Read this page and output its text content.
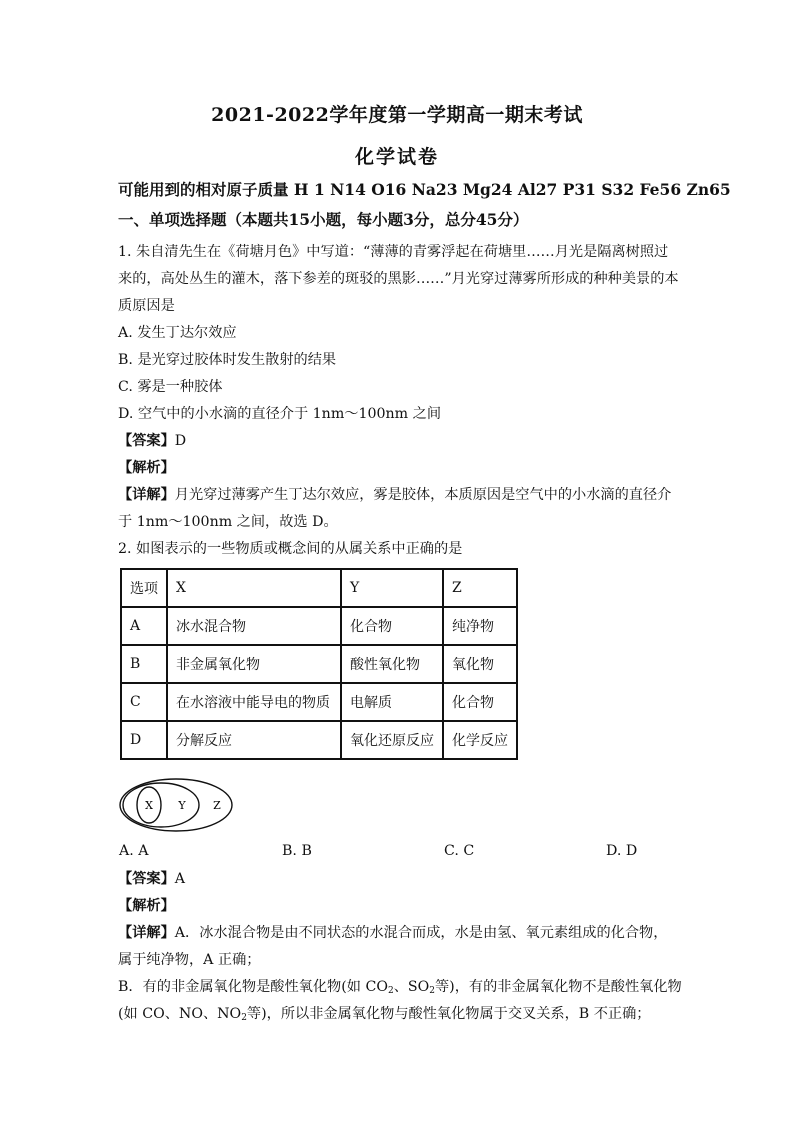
2021-2022学年度第一学期高一期末考试
化学试卷
可能用到的相对原子质量 H 1 N14 O16 Na23 Mg24 Al27 P31 S32 Fe56 Zn65
一、单项选择题（本题共15小题，每小题3分，总分45分）
1. 朱自清先生在《荷塘月色》中写道：“薄薄的青雾浮起在荷塘里……月光是隔离树照过
来的，高处丛生的灌木，落下参差的斑驳的黑影……”月光穿过薄雾所形成的种种美景的本
质原因是
A. 发生丁达尔效应
B. 是光穿过胶体时发生散射的结果
C. 雾是一种胶体
D. 空气中的小水滴的直径介于 1nm～100nm 之间
【答案】D
【解析】
【详解】月光穿过薄雾产生丁达尔效应，雾是胶体，本质原因是空气中的小水滴的直径介
于 1nm～100nm 之间，故选 D。
2. 如图表示的一些物质或概念间的从属关系中正确的是
选项	X	Y	Z
A	冰水混合物	化合物	纯净物
B	非金属氧化物	酸性氧化物	氧化物
C	在水溶液中能导电的物质	电解质	化合物
D	分解反应	氧化还原反应	化学反应
X Y	Z
A. A	B. B	C. C	D. D
【答案】A
【解析】
【详解】A．冰水混合物是由不同状态的水混合而成，水是由氢、氧元素组成的化合物，
属于纯净物，A 正确；
B．有的非金属氧化物是酸性氧化物(如 $CO_2$、$SO_2$等)，有的非金属氧化物不是酸性氧化物
(如 CO、NO、$NO_2$等)，所以非金属氧化物与酸性氧化物属于交叉关系，B 不正确；
